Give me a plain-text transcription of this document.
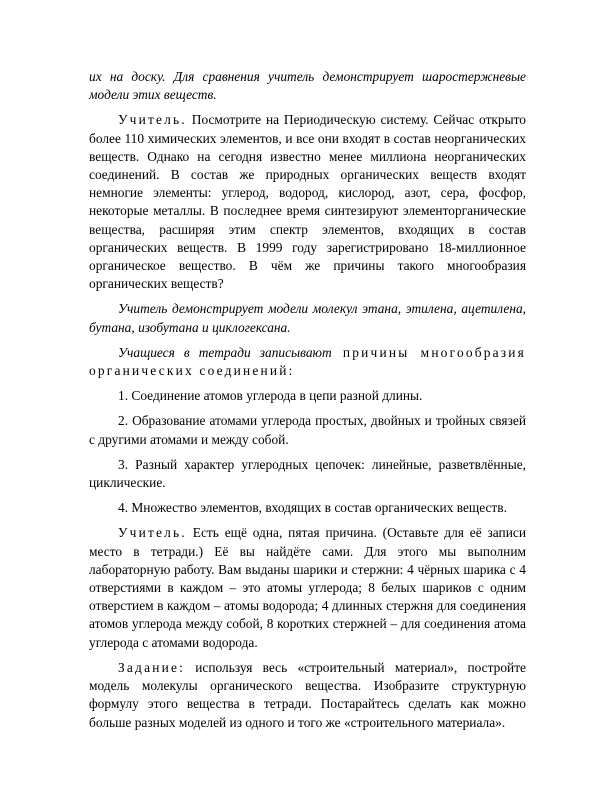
их на доску. Для сравнения учитель демонстрирует шаростержневые модели этих веществ.

Учитель. Посмотрите на Периодическую систему. Сейчас открыто более 110 химических элементов, и все они входят в состав неорганических веществ. Однако на сегодня известно менее миллиона неорганических соединений. В состав же природных органических веществ входят немногие элементы: углерод, водород, кислород, азот, сера, фосфор, некоторые металлы. В последнее время синтезируют элементорганические вещества, расширяя этим спектр элементов, входящих в состав органических веществ. В 1999 году зарегистрировано 18-миллионное органическое вещество. В чём же причины такого многообразия органических веществ?

Учитель демонстрирует модели молекул этана, этилена, ацетилена, бутана, изобутана и циклогексана.

Учащиеся в тетради записывают причины многообразия органических соединений:

1. Соединение атомов углерода в цепи разной длины.

2. Образование атомами углерода простых, двойных и тройных связей с другими атомами и между собой.

3. Разный характер углеродных цепочек: линейные, разветвлённые, циклические.

4. Множество элементов, входящих в состав органических веществ.

Учитель. Есть ещё одна, пятая причина. (Оставьте для её записи место в тетради.) Её вы найдёте сами. Для этого мы выполним лабораторную работу. Вам выданы шарики и стержни: 4 чёрных шарика с 4 отверстиями в каждом – это атомы углерода; 8 белых шариков с одним отверстием в каждом – атомы водорода; 4 длинных стержня для соединения атомов углерода между собой, 8 коротких стержней – для соединения атома углерода с атомами водорода.

Задание: используя весь «строительный материал», постройте модель молекулы органического вещества. Изобразите структурную формулу этого вещества в тетради. Постарайтесь сделать как можно больше разных моделей из одного и того же «строительного материала».
